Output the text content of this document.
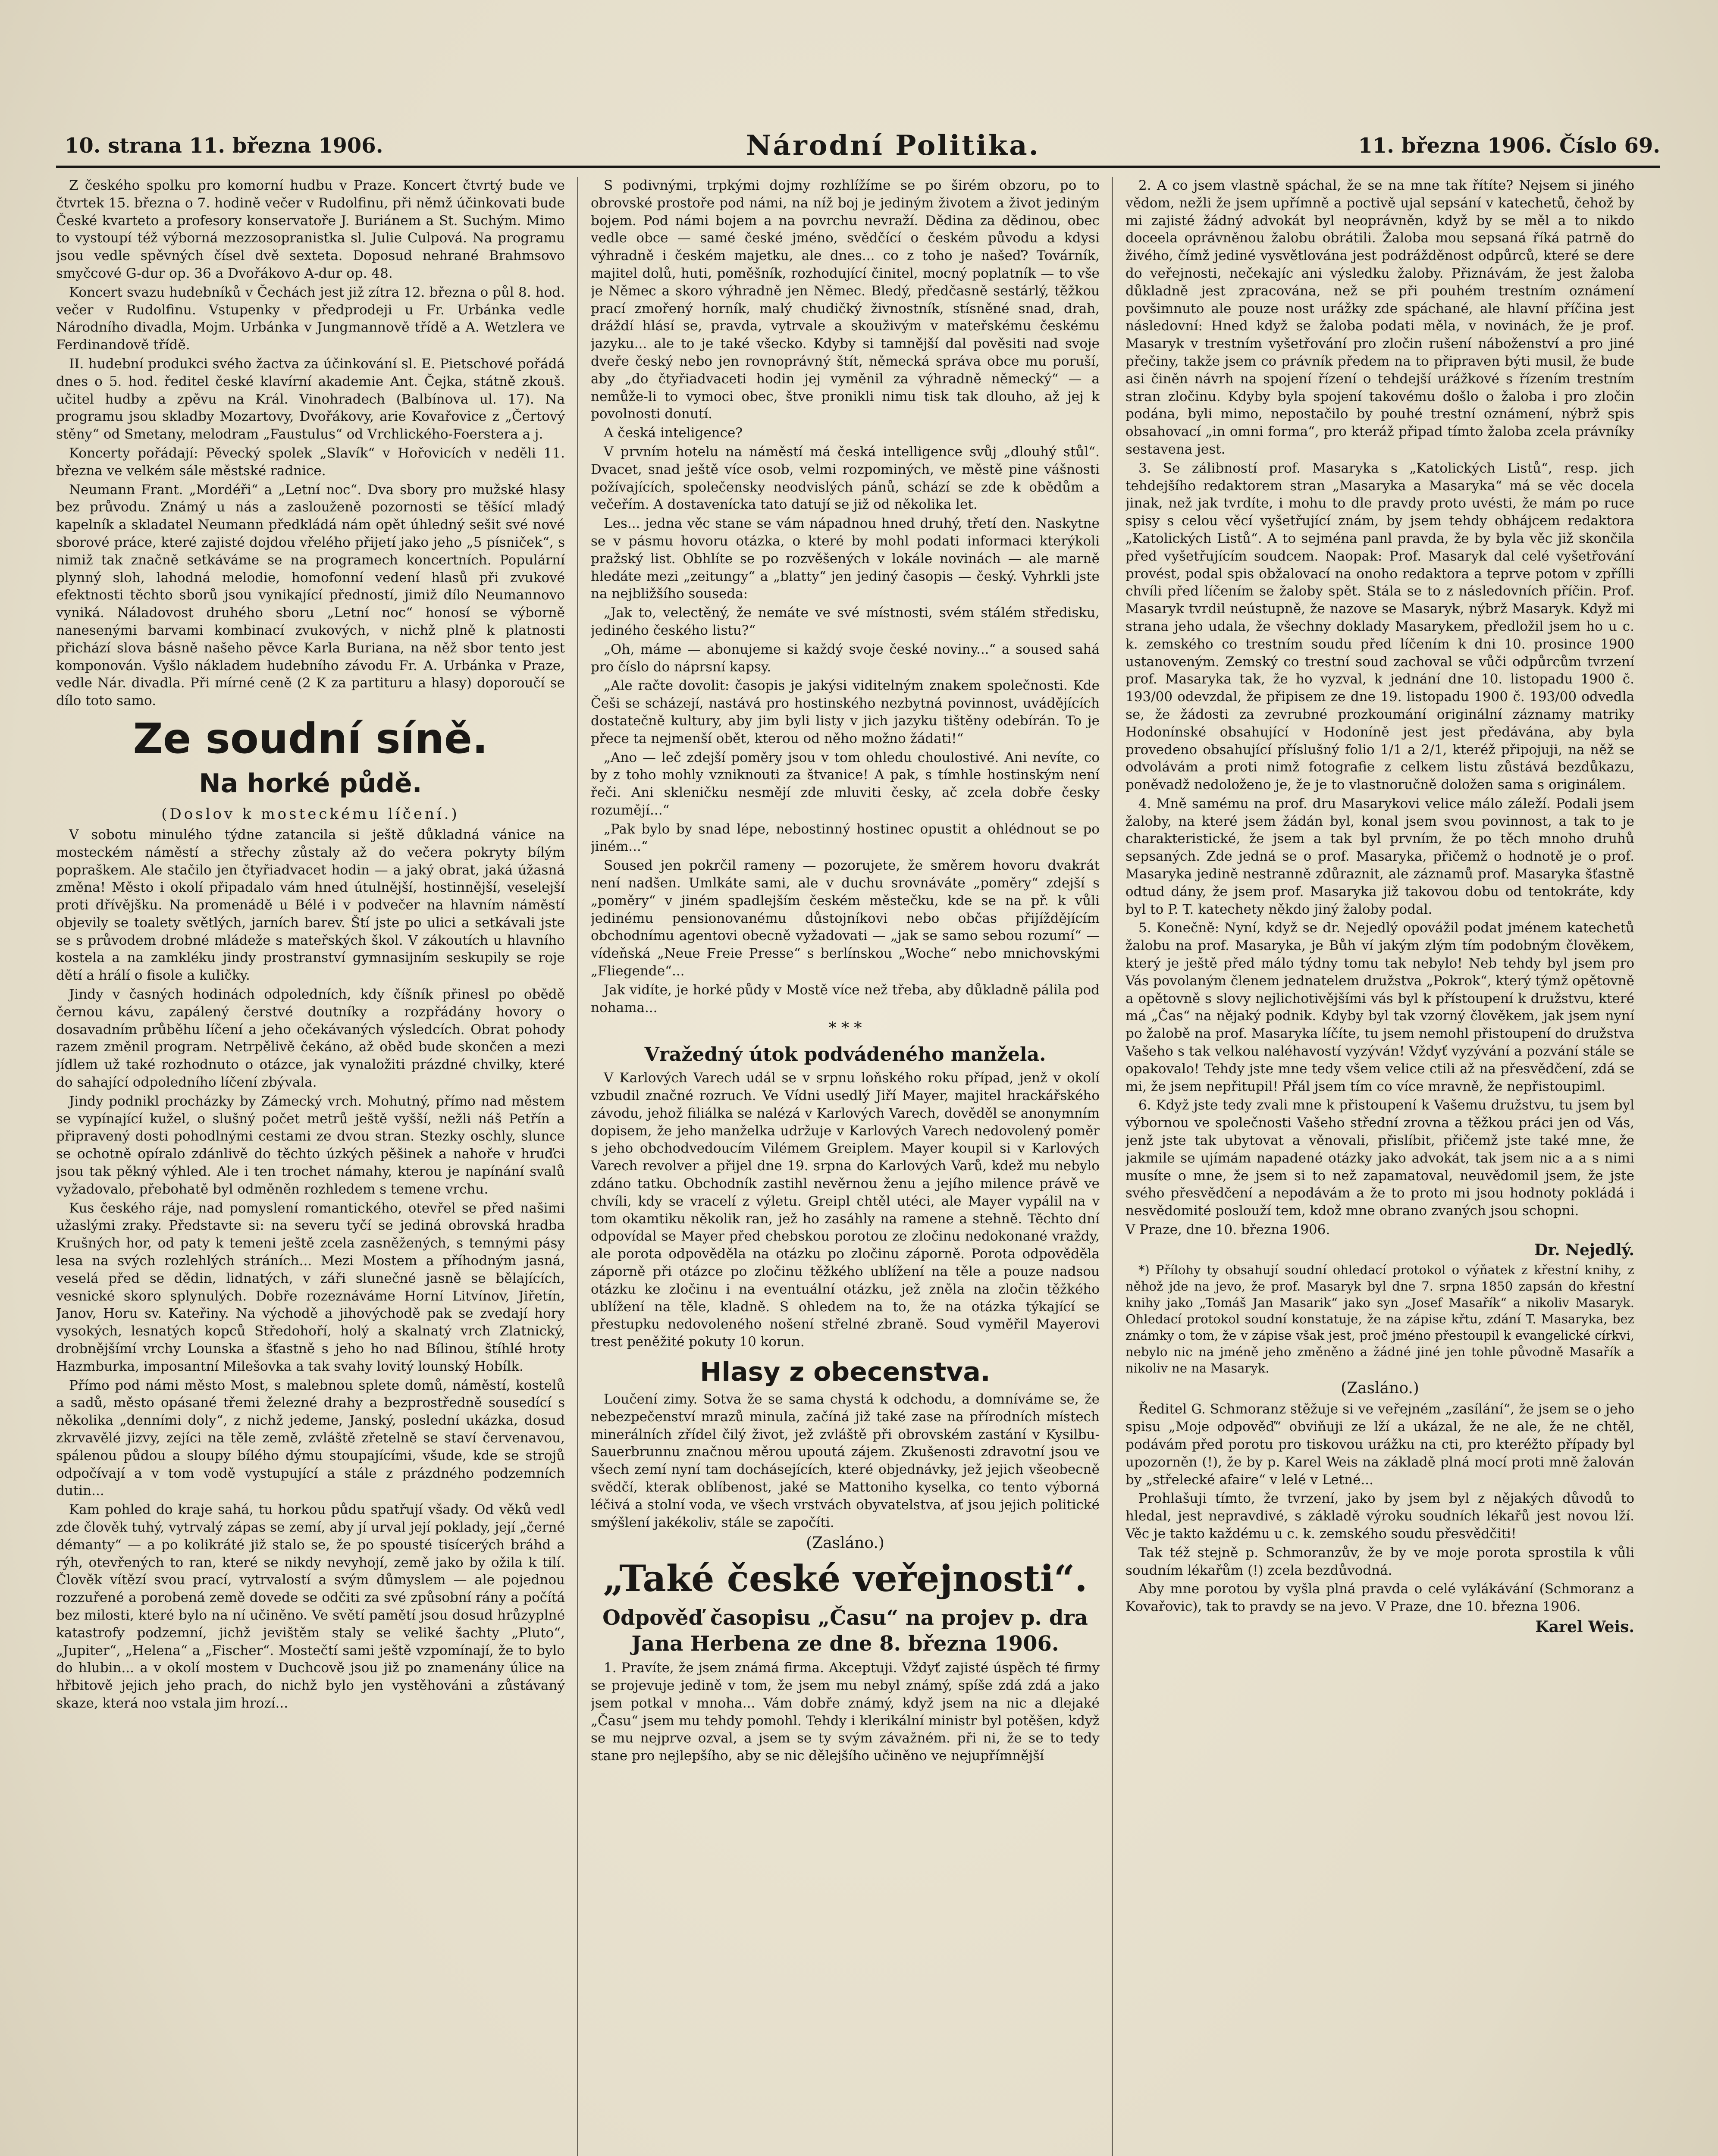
10. strana 11. března 1906.	Národní Politika.	11. března 1906. Číslo 69.

Z českého spolku pro komorní hudbu v Praze. Koncert čtvrtý bude ve čtvrtek 15. března o 7. hodině večer v Rudolfinu, při němž účinkovati bude České kvarteto a profesory konservatoře J. Buriánem a St. Suchým. Mimo to vystoupí též výborná mezzosopranistka sl. Julie Culpová. Na programu jsou vedle spěvných čísel dvě sexteta. Doposud nehrané Brahmsovo smyčcové G-dur op. 36 a Dvořákovo A-dur op. 48.

Koncert svazu hudebníků v Čechách jest již zítra 12. března o půl 8. hod. večer v Rudolfinu. Vstupenky v předprodeji u Fr. Urbánka vedle Národního divadla, Mojm. Urbánka v Jungmannově třídě a A. Wetzlera ve Ferdinandově třídě.

II. hudební produkci svého žactva za účinkování sl. E. Pietschové pořádá dnes o 5. hod. ředitel české klavírní akademie Ant. Čejka, státně zkouš. učitel hudby a zpěvu na Král. Vinohradech (Balbínova ul. 17). Na programu jsou skladby Mozartovy, Dvořákovy, arie Kovařovice z „Čertový stěny“ od Smetany, melodram „Faustulus“ od Vrchlického-Foerstera a j.

Koncerty pořádají: Pěvecký spolek „Slavík“ v Hořovicích v neděli 11. března ve velkém sále městské radnice.

Neumann Frant. „Mordéři“ a „Letní noc“. Dva sbory pro mužské hlasy bez průvodu. Známý u nás a zaslouženě pozornosti se těšící mladý kapelník a skladatel Neumann předkládá nám opět úhledný sešit své nové sborové práce, které zajisté dojdou vřelého přijetí jako jeho „5 písniček“, s nimiž tak značně setkáváme se na programech koncertních. Populární plynný sloh, lahodná melodie, homofonní vedení hlasů při zvukové efektnosti těchto sborů jsou vynikající předností, jimiž dílo Neumannovo vyniká. Náladovost druhého sboru „Letní noc“ honosí se výborně nanesenými barvami kombinací zvukových, v nichž plně k platnosti přichází slova básně našeho pěvce Karla Buriana, na něž sbor tento jest komponován. Vyšlo nákladem hudebního závodu Fr. A. Urbánka v Praze, vedle Nár. divadla. Při mírné ceně (2 K za partituru a hlasy) doporoučí se dílo toto samo.

Ze soudní síně.
Na horké půdě.
(Doslov k mosteckému líčení.)

V sobotu minulého týdne zatancila si ještě důkladná vánice na mosteckém náměstí a střechy zůstaly až do večera pokryty bílým popraškem. Ale stačilo jen čtyřiadvacet hodin — a jaký obrat, jaká úžasná změna! Město i okolí připadalo vám hned útulnější, hostinnější, veselejší proti dřívějšku. Na promenádě u Bélé i v podvečer na hlavním náměstí objevily se toalety světlých, jarních barev. Ští jste po ulici a setkávali jste se s průvodem drobné mládeže s mateřských škol. V zákoutích u hlavního kostela a na zamkléku jindy prostranství gymnasijním seskupily se roje dětí a hrálí o fisole a kuličky.

Jindy v časných hodinách odpoledních, kdy číšník přinesl po obědě černou kávu, zapálený čerstvé doutníky a rozpřádány hovory o dosavadním průběhu líčení a jeho očekávaných výsledcích. Obrat pohody razem změnil program. Netrpělivě čekáno, až oběd bude skončen a mezi jídlem už také rozhodnuto o otázce, jak vynaložiti prázdné chvilky, které do sahající odpoledního líčení zbývala.

Jindy podnikl procházky by Zámecký vrch. Mohutný, přímo nad městem se vypínající kužel, o slušný počet metrů ještě vyšší, nežli náš Petřín a připravený dosti pohodlnými cestami ze dvou stran. Stezky oschly, slunce se ochotně opíralo zdánlivě do těchto úzkých pěšinek a nahoře v hruďci jsou tak pěkný výhled. Ale i ten trochet námahy, kterou je napínání svalů vyžadovalo, přebohatě byl odměněn rozhledem s temene vrchu.

Kus českého ráje, nad pomyslení romantického, otevřel se před našimi užaslými zraky. Představte si: na severu tyčí se jediná obrovská hradba Krušných hor, od paty k temeni ještě zcela zasněžených, s temnými pásy lesa na svých rozlehlých stráních... Mezi Mostem a příhodným jasná, veselá před se dědin, lidnatých, v záři slunečné jasně se bělajících, vesnické skoro splynulých. Dobře rozeznáváme Horní Litvínov, Jiřetín, Janov, Horu sv. Kateřiny. Na východě a jihovýchodě pak se zvedají hory vysokých, lesnatých kopců Středohoří, holý a skalnatý vrch Zlatnický, drobnějšímí vrchy Lounska a šťastně s jeho ho nad Bílinou, štíhlé hroty Hazmburka, imposantní Milešovka a tak svahy lovitý lounský Hobílk.

Přímo pod námi město Most, s malebnou splete domů, náměstí, kostelů a sadů, město opásané třemi železné drahy a bezprostředně sousedící s několika „denními doly“, z nichž jedeme, Janský, poslední ukázka, dosud zkrvavělé jizvy, zejíci na těle země, zvláště zřetelně se staví červenavou, spálenou půdou a sloupy bílého dýmu stoupajícími, všude, kde se strojů odpočívají a v tom vodě vystupující a stále z prázdného podzemních dutin...

Kam pohled do kraje sahá, tu horkou půdu spatřují všady. Od věků vedl zde člověk tuhý, vytrvalý zápas se zemí, aby jí urval její poklady, její „černé démanty“ — a po kolikráté již stalo se, že po spousté tisícerých bráhd a rýh, otevřených to ran, které se nikdy nevyhojí, země jako by ožila k tilí. Člověk vítězí svou prací, vytrvalostí a svým důmyslem — ale pojednou rozzuřené a porobená země dovede se odčiti za své způsobní rány a počítá bez milosti, které bylo na ní učiněno. Ve světí pamětí jsou dosud hrůzyplné katastrofy podzemní, jichž jevištěm staly se veliké šachty „Pluto“, „Jupiter“, „Helena“ a „Fischer“. Mostečtí sami ještě vzpomínají, že to bylo do hlubin... a v okolí mostem v Duchcově jsou již po znamenány úlice na hřbitově jejich jeho prach, do nichž bylo jen vystěhováni a zůstávaný skaze, která noo vstala jim hrozí...

S podivnými, trpkými dojmy rozhlížíme se po širém obzoru, po to obrovské prostoře pod námi, na níž boj je jediným životem a život jediným bojem. Pod námi bojem a na povrchu nevraží. Dědina za dědinou, obec vedle obce — samé české jméno, svědčící o českém původu a kdysi výhradně i českém majetku, ale dnes... co z toho je našeď? Továrník, majitel dolů, huti, poměšník, rozhodující činitel, mocný poplatník — to vše je Němec a skoro výhradně jen Němec. Bledý, předčasně sestárlý, těžkou prací zmořený horník, malý chudičký živnostník, stísněné snad, drah, dráždí hlásí se, pravda, vytrvale a skouživým v mateřskému českému jazyku... ale to je také všecko. Kdyby si tamnější dal pověsiti nad svoje dveře český nebo jen rovnoprávný štít, německá správa obce mu poruší, aby „do čtyřiadvaceti hodin jej vyměnil za výhradně německý“ — a nemůže-li to vymoci obec, štve pronikli nimu tisk tak dlouho, až jej k povolnosti donutí.

A česká inteligence?

V prvním hotelu na náměstí má česká intelligence svůj „dlouhý stůl“. Dvacet, snad ještě více osob, velmi rozpominých, ve městě pine vášnosti požívajících, společensky neodvislých pánů, schází se zde k obědům a večeřím. A dostavenícka tato datují se již od několika let.

Les... jedna věc stane se vám nápadnou hned druhý, třetí den. Naskytne se v pásmu hovoru otázka, o které by mohl podati informaci kterýkoli pražský list. Obhlíte se po rozvěšených v lokále novinách — ale marně hledáte mezi „zeitungy“ a „blatty“ jen jediný časopis — český. Vyhrkli jste na nejbližšího souseda:

„Jak to, velectěný, že nemáte ve své místnosti, svém stálém středisku, jediného českého listu?“

„Oh, máme — abonujeme si každý svoje české noviny...“ a soused sahá pro číslo do náprsní kapsy.

„Ale račte dovolit: časopis je jakýsi viditelným znakem společnosti. Kde Češi se scházejí, nastává pro hostinského nezbytná povinnost, uvádějících dostatečně kultury, aby jim byli listy v jich jazyku tištěny odebírán. To je přece ta nejmenší obět, kterou od něho možno žádati!“

„Ano — leč zdejší poměry jsou v tom ohledu choulostivé. Ani nevíte, co by z toho mohly vzniknouti za štvanice! A pak, s tímhle hostinským není řeči. Ani skleničku nesmějí zde mluviti česky, ač zcela dobře česky rozumějí...“

„Pak bylo by snad lépe, nebostinný hostinec opustit a ohlédnout se po jiném...“

Soused jen pokrčil rameny — pozorujete, že směrem hovoru dvakrát není nadšen. Umlkáte sami, ale v duchu srovnáváte „poměry“ zdejší s „poměry“ v jiném spadlejším českém městečku, kde se na př. k vůli jedinému pensionovanému důstojníkovi nebo občas přijíždějícím obchodnímu agentovi obecně vyžadovati — „jak se samo sebou rozumí“ — vídeňská „Neue Freie Presse“ s berlínskou „Woche“ nebo mnichovskými „Fliegende“...

Jak vidíte, je horké půdy v Mostě více než třeba, aby důkladně pálila pod nohama...

* * *
Vražedný útok podvádeného manžela.

V Karlových Varech udál se v srpnu loňského roku případ, jenž v okolí vzbudil značné rozruch. Ve Vídni usedlý Jiří Mayer, majitel hrackářského závodu, jehož filiálka se nalézá v Karlových Varech, dověděl se anonymním dopisem, že jeho manželka udržuje v Karlových Varech nedovolený poměr s jeho obchodvedoucím Vilémem Greiplem. Mayer koupil si v Karlových Varech revolver a přijel dne 19. srpna do Karlových Varů, kdež mu nebylo zdáno tatku. Obchodník zastihl nevěrnou ženu a jejího milence právě ve chvíli, kdy se vracelí z výletu. Greipl chtěl utéci, ale Mayer vypálil na v tom okamtiku několik ran, jež ho zasáhly na ramene a stehně. Těchto dní odpovídal se Mayer před chebskou porotou ze zločinu nedokonané vraždy, ale porota odpověděla na otázku po zločinu záporně. Porota odpověděla záporně při otázce po zločinu těžkého ublížení na těle a pouze nadsou otázku ke zločinu i na eventuální otázku, jež zněla na zločin těžkého ublížení na těle, kladně. S ohledem na to, že na otázka týkající se přestupku nedovoleného nošení střelné zbraně. Soud vyměřil Mayerovi trest peněžité pokuty 10 korun.

Hlasy z obecenstva.

Loučení zimy. Sotva že se sama chystá k odchodu, a domníváme se, že nebezpečenství mrazů minula, začíná již také zase na přírodních místech minerálních zřídel čilý život, jež zvláště při obrovském zastání v Kysilbu-Sauerbrunnu značnou měrou upoutá zájem. Zkušenosti zdravotní jsou ve všech zemí nyní tam dochásejících, které objednávky, jež jejich všeobecně svědčí, kterak oblíbenost, jaké se Mattoniho kyselka, co tento výborná léčivá a stolní voda, ve všech vrstvách obyvatelstva, ať jsou jejich politické smýšlení jakékoliv, stále se započíti.

(Zasláno.)
„Také české veřejnosti“.
Odpověď časopisu „Času“ na projev p. dra Jana Herbena ze dne 8. března 1906.

1. Pravíte, že jsem známá firma. Akceptuji. Vždyť zajisté úspěch té firmy se projevuje jedině v tom, že jsem mu nebyl známý, spíše zdá zdá a jako jsem potkal v mnoha... Vám dobře známý, když jsem na nic a dlejaké „Času“ jsem mu tehdy pomohl. Tehdy i klerikální ministr byl potěšen, když se mu nejprve ozval, a jsem se ty svým závažném. při ni, že se to tedy stane pro nejlepšího, aby se nic dělejšího učiněno ve nejupřímnější

2. A co jsem vlastně spáchal, že se na mne tak řítíte? Nejsem si jiného vědom, nežli že jsem upřímně a poctivě ujal sepsání v katechetů, čehož by mi zajisté žádný advokát byl neoprávněn, když by se měl a to nikdo doceela oprávněnou žalobu obrátili. Žaloba mou sepsaná říká patrně do živého, čímž jediné vysvětlována jest podrážděnost odpůrců, které se dere do veřejnosti, nečekajíc ani výsledku žaloby. Přiznávám, že jest žaloba důkladně jest zpracována, než se při pouhém trestním oznámení povšimnuto ale pouze nost urážky zde spáchané, ale hlavní příčina jest následovní: Hned když se žaloba podati měla, v novinách, že je prof. Masaryk v trestním vyšetřování pro zločin rušení náboženství a pro jiné přečiny, takže jsem co právník předem na to připraven býti musil, že bude asi činěn návrh na spojení řízení o tehdejší urážkové s řízením trestním stran zločinu. Kdyby byla spojení takovému došlo o žaloba i pro zločin podána, byli mimo, nepostačilo by pouhé trestní oznámení, nýbrž spis obsahovací „in omni forma“, pro kteráž připad tímto žaloba zcela právníky sestavena jest.

3. Se zálibností prof. Masaryka s „Katolických Listů“, resp. jich tehdejšího redaktorem stran „Masaryka a Masaryka“ má se věc docela jinak, než jak tvrdíte, i mohu to dle pravdy proto uvésti, že mám po ruce spisy s celou věcí vyšetřující znám, by jsem tehdy obhájcem redaktora „Katolických Listů“. A to sejména panl pravda, že by byla věc již skončila před vyšetřujícím soudcem. Naopak: Prof. Masaryk dal celé vyšetřování provést, podal spis obžalovací na onoho redaktora a teprve potom v zpřílli chvíli před líčením se žaloby spět. Stála se to z následovních příčin. Prof. Masaryk tvrdil neústupně, že nazove se Masaryk, nýbrž Masaryk. Když mi strana jeho udala, že všechny doklady Masarykem, předložil jsem ho u c. k. zemského co trestním soudu před líčením k dni 10. prosince 1900 ustanoveným. Zemský co trestní soud zachoval se vůči odpůrcům tvrzení prof. Masaryka tak, že ho vyzval, k jednání dne 10. listopadu 1900 č. 193/00 odevzdal, že připisem ze dne 19. listopadu 1900 č. 193/00 odvedla se, že žádosti za zevrubné prozkoumání originální záznamy matriky Hodonínské obsahující v Hodoníně jest jest předávána, aby byla provedeno obsahující příslušný folio 1/1 a 2/1, kteréž připojuji, na něž se odvolávám a proti nimž fotografie z celkem listu zůstává bezdůkazu, poněvadž nedoloženo je, že je to vlastnoručně doložen sama s originálem.

4. Mně samému na prof. dru Masarykovi velice málo záleží. Podali jsem žaloby, na které jsem žádán byl, konal jsem svou povinnost, a tak to je charakteristické, že jsem a tak byl prvním, že po těch mnoho druhů sepsaných. Zde jedná se o prof. Masaryka, přičemž o hodnotě je o prof. Masaryka jedině nestranně zdůraznit, ale záznamů prof. Masaryka šťastně odtud dány, že jsem prof. Masaryka již takovou dobu od tentokráte, kdy byl to P. T. katechety někdo jiný žaloby podal.

5. Konečně: Nyní, když se dr. Nejedlý opovážil podat jménem katechetů žalobu na prof. Masaryka, je Bůh ví jakým zlým tím podobným člověkem, který je ještě před málo týdny tomu tak nebylo! Neb tehdy byl jsem pro Vás povolaným členem jednatelem družstva „Pokrok“, který týmž opětovně a opětovně s slovy nejlichotivějšími vás byl k přístoupení k družstvu, které má „Čas“ na nějaký podnik. Kdyby byl tak vzorný člověkem, jak jsem nyní po žalobě na prof. Masaryka líčíte, tu jsem nemohl přistoupení do družstva Vašeho s tak velkou naléhavostí vyzýván! Vždyť vyzývání a pozvání stále se opakovalo! Tehdy jste mne tedy všem velice ctili až na přesvědčení, zdá se mi, že jsem nepřitupil! Přál jsem tím co více mravně, že nepřistoupiml.

6. Když jste tedy zvali mne k přistoupení k Vašemu družstvu, tu jsem byl výbornou ve společnosti Vašeho střední zrovna a těžkou práci jen od Vás, jenž jste tak ubytovat a věnovali, přislíbit, přičemž jste také mne, že jakmile se ujímám napadené otázky jako advokát, tak jsem nic a a s nimi musíte o mne, že jsem si to než zapamatoval, neuvědomil jsem, že jste svého přesvědčení a nepodávám a že to proto mi jsou hodnoty pokládá i nesvědomité poslouží tem, kdož mne obrano zvaných jsou schopni.

V Praze, dne 10. března 1906.

Dr. Nejedlý.

*) Přílohy ty obsahují soudní ohledací protokol o výňatek z křestní knihy, z něhož jde na jevo, že prof. Masaryk byl dne 7. srpna 1850 zapsán do křestní knihy jako „Tomáš Jan Masarik“ jako syn „Josef Masařík“ a nikoliv Masaryk. Ohledací protokol soudní konstatuje, že na zápise křtu, zdání T. Masaryka, bez známky o tom, že v zápise však jest, proč jméno přestoupil k evangelické církvi, nebylo nic na jméně jeho změněno a žádné jiné jen tohle původně Masařík a nikoliv ne na Masaryk.

(Zasláno.)

Ředitel G. Schmoranz stěžuje si ve veřejném „zasílání“, že jsem se o jeho spisu „Moje odpověď“ obviňuji ze lží a ukázal, že ne ale, že ne chtěl, podávám před porotu pro tiskovou urážku na cti, pro kteréžto případy byl upozorněn (!), že by p. Karel Weis na základě plná mocí proti mně žalován by „střelecké afaire“ v lelé v Letné...

Prohlašuji tímto, že tvrzení, jako by jsem byl z nějakých důvodů to hledal, jest nepravdivé, s základě výroku soudních lékařů jest novou lží. Věc je takto každému u c. k. zemského soudu přesvědčiti!

Tak též stejně p. Schmoranzův, že by ve moje porota sprostila k vůli soudním lékařům (!) zcela bezdůvodná.

Aby mne porotou by vyšla plná pravda o celé vylákávání (Schmoranz a Kovařovic), tak to pravdy se na jevo. V Praze, dne 10. března 1906.

Karel Weis.
